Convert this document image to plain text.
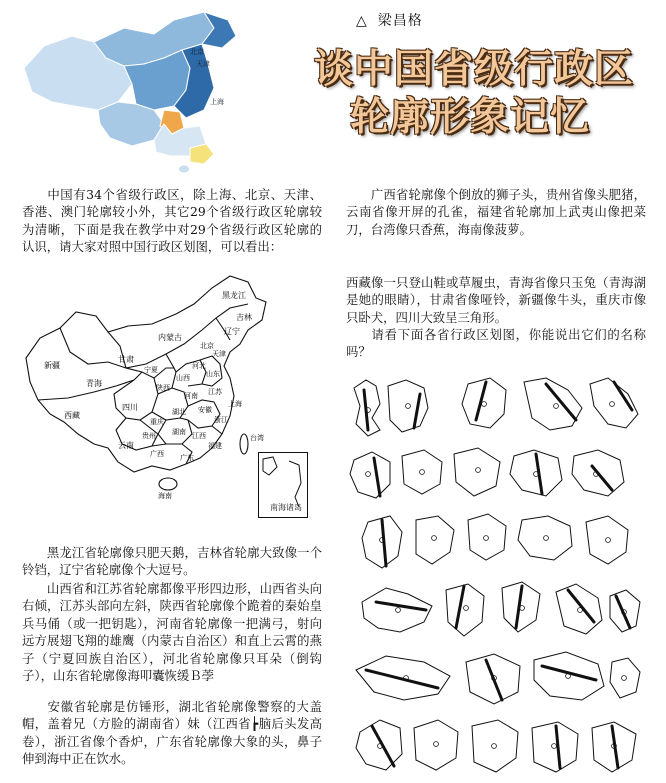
北京
天津
上海
△ 梁昌格
谈中国省级行政区
轮廓形象记忆

中国有34个省级行政区，除上海、北京、天津、香港、澳门轮廓较小外，其它29个省级行政区轮廓较为清晰，下面是我在教学中对29个省级行政区轮廓的认识，请大家对照中国行政区划图，可以看出：

广西省轮廓像个倒放的狮子头，贵州省像头肥猪，云南省像开屏的孔雀，福建省轮廓加上武夷山像把菜刀，台湾像只香蕉，海南像菠萝。

西藏像一只登山鞋或草履虫，青海省像只玉兔（青海湖是她的眼睛），甘肃省像哑铃，新疆像牛头，重庆市像只卧犬，四川大致呈三角形。

请看下面各省行政区划图，你能说出它们的名称吗？

黑龙江
吉林
辽宁
新疆
内蒙古
北京
天津
青海
甘肃
宁夏
山西
河北
山东
西藏
四川
陕西
河南 江苏
上海
湖北 安徽
浙江
重庆
湖南 江西
贵州
福建
云南
广西 广东
台湾
海南
南海诸岛

黑龙江省轮廓像只肥天鹅，吉林省轮廓大致像一个铃铛，辽宁省轮廓像个大逗号。

山西省和江苏省轮廓都像平形四边形，山西省头向右倾，江苏头部向左斜，陕西省轮廓像个跪着的秦始皇兵马俑（或一把钥匙），河南省轮廓像一把满弓，射向远方展翅飞翔的雄鹰（内蒙古自治区）和直上云霄的燕子（宁夏回族自治区），河北省轮廓像只耳朵（倒钩子），山东省轮廓像海叩囊恢缓Ｂ荸

安徽省轮廓是仿锤形，湖北省轮廓像警察的大盖帽，盖着兄（方脸的湖南省）妹（江西省┢脑后头发高卷），浙江省像个香炉，广东省轮廓像大象的头，鼻子伸到海中正在饮水。
